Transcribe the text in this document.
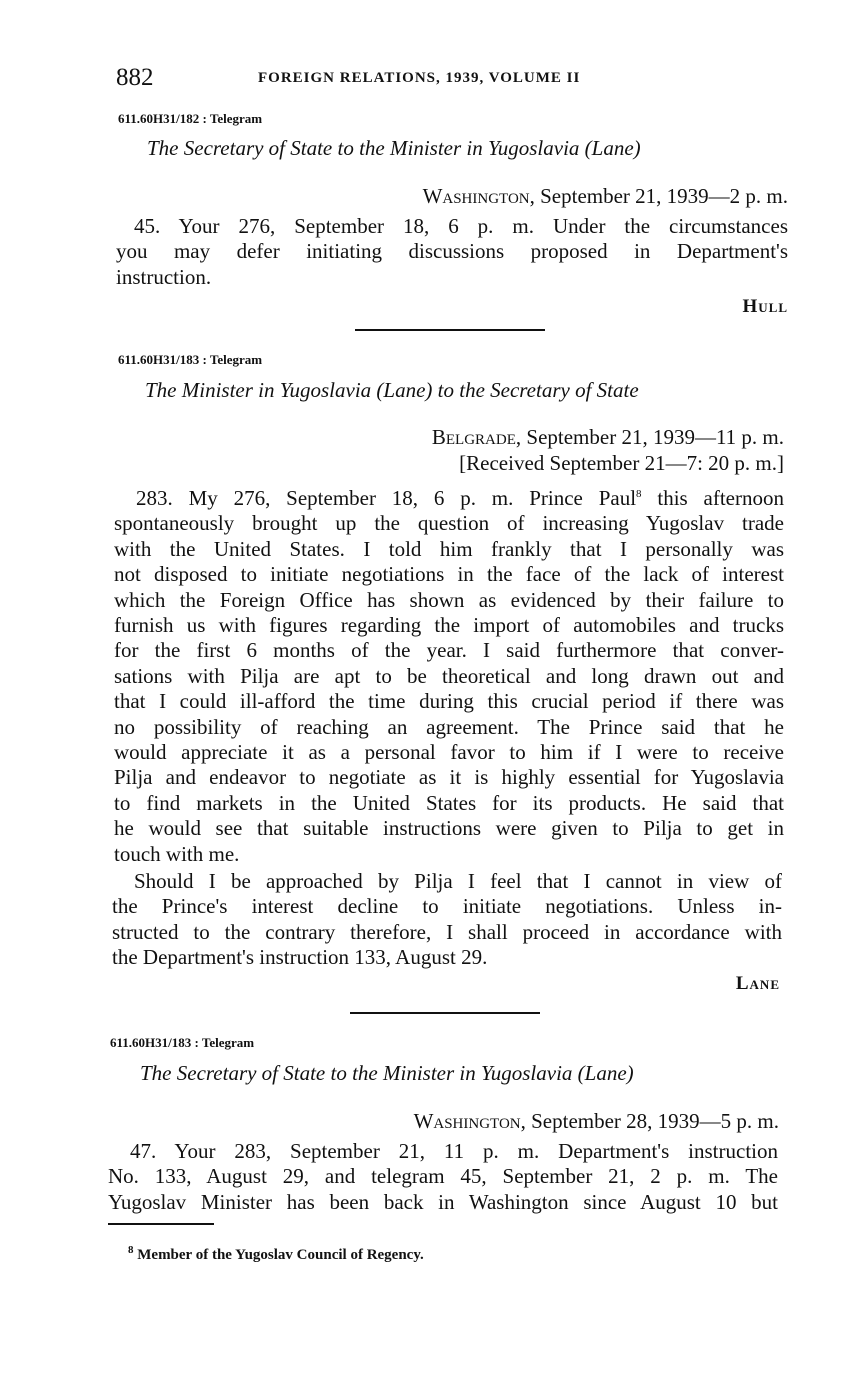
882	FOREIGN RELATIONS, 1939, VOLUME II
611.60H31/182 : Telegram
The Secretary of State to the Minister in Yugoslavia (Lane)
Washington, September 21, 1939—2 p. m.
45. Your 276, September 18, 6 p. m. Under the circumstances
you may defer initiating discussions proposed in Department's
instruction.
Hull
611.60H31/183 : Telegram
The Minister in Yugoslavia (Lane) to the Secretary of State
Belgrade, September 21, 1939—11 p. m.
[Received September 21—7: 20 p. m.]
283. My 276, September 18, 6 p. m. Prince Paul$^8$ this afternoon
spontaneously brought up the question of increasing Yugoslav trade
with the United States. I told him frankly that I personally was
not disposed to initiate negotiations in the face of the lack of interest
which the Foreign Office has shown as evidenced by their failure to
furnish us with figures regarding the import of automobiles and trucks
for the first 6 months of the year. I said furthermore that conver-
sations with Pilja are apt to be theoretical and long drawn out and
that I could ill-afford the time during this crucial period if there was
no possibility of reaching an agreement. The Prince said that he
would appreciate it as a personal favor to him if I were to receive
Pilja and endeavor to negotiate as it is highly essential for Yugoslavia
to find markets in the United States for its products. He said that
he would see that suitable instructions were given to Pilja to get in
touch with me.
Should I be approached by Pilja I feel that I cannot in view of
the Prince's interest decline to initiate negotiations. Unless in-
structed to the contrary therefore, I shall proceed in accordance with
the Department's instruction 133, August 29.
Lane
611.60H31/183 : Telegram
The Secretary of State to the Minister in Yugoslavia (Lane)
Washington, September 28, 1939—5 p. m.
47. Your 283, September 21, 11 p. m. Department's instruction
No. 133, August 29, and telegram 45, September 21, 2 p. m. The
Yugoslav Minister has been back in Washington since August 10 but
$^8$ Member of the Yugoslav Council of Regency.
